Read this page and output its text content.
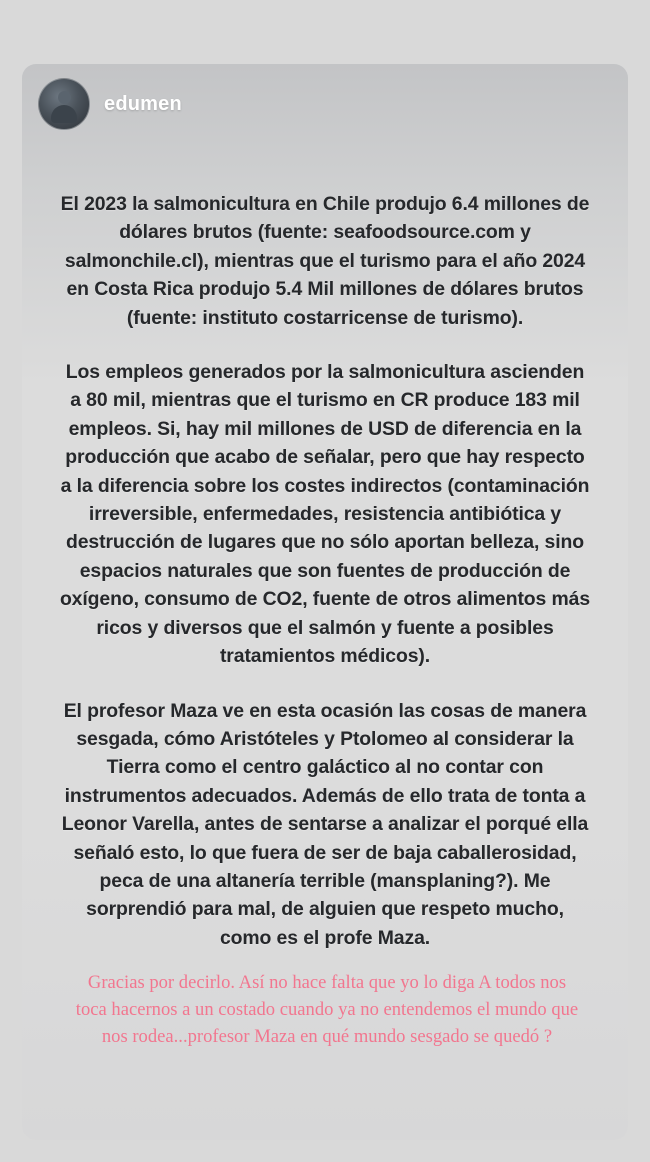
edumen

El 2023 la salmonicultura en Chile produjo 6.4 millones de dólares brutos (fuente: seafoodsource.com y salmonchile.cl), mientras que el turismo para el año 2024 en Costa Rica produjo 5.4 Mil millones de dólares brutos (fuente: instituto costarricense de turismo).

Los empleos generados por la salmonicultura ascienden a 80 mil, mientras que el turismo en CR produce 183 mil empleos. Si, hay mil millones de USD de diferencia en la producción que acabo de señalar, pero que hay respecto a la diferencia sobre los costes indirectos (contaminación irreversible, enfermedades, resistencia antibiótica y destrucción de lugares que no sólo aportan belleza, sino espacios naturales que son fuentes de producción de oxígeno, consumo de CO2, fuente de otros alimentos más ricos y diversos que el salmón y fuente a posibles tratamientos médicos).

El profesor Maza ve en esta ocasión las cosas de manera sesgada, cómo Aristóteles y Ptolomeo al considerar la Tierra como el centro galáctico al no contar con instrumentos adecuados. Además de ello trata de tonta a Leonor Varella, antes de sentarse a analizar el porqué ella señaló esto, lo que fuera de ser de baja caballerosidad, peca de una altanería terrible (mansplaning?). Me sorprendió para mal, de alguien que respeto mucho, como es el profe Maza.

Gracias por decirlo. Así no hace falta que yo lo diga A todos nos toca hacernos a un costado cuando ya no entendemos el mundo que nos rodea...profesor Maza en qué mundo sesgado se quedó ?
